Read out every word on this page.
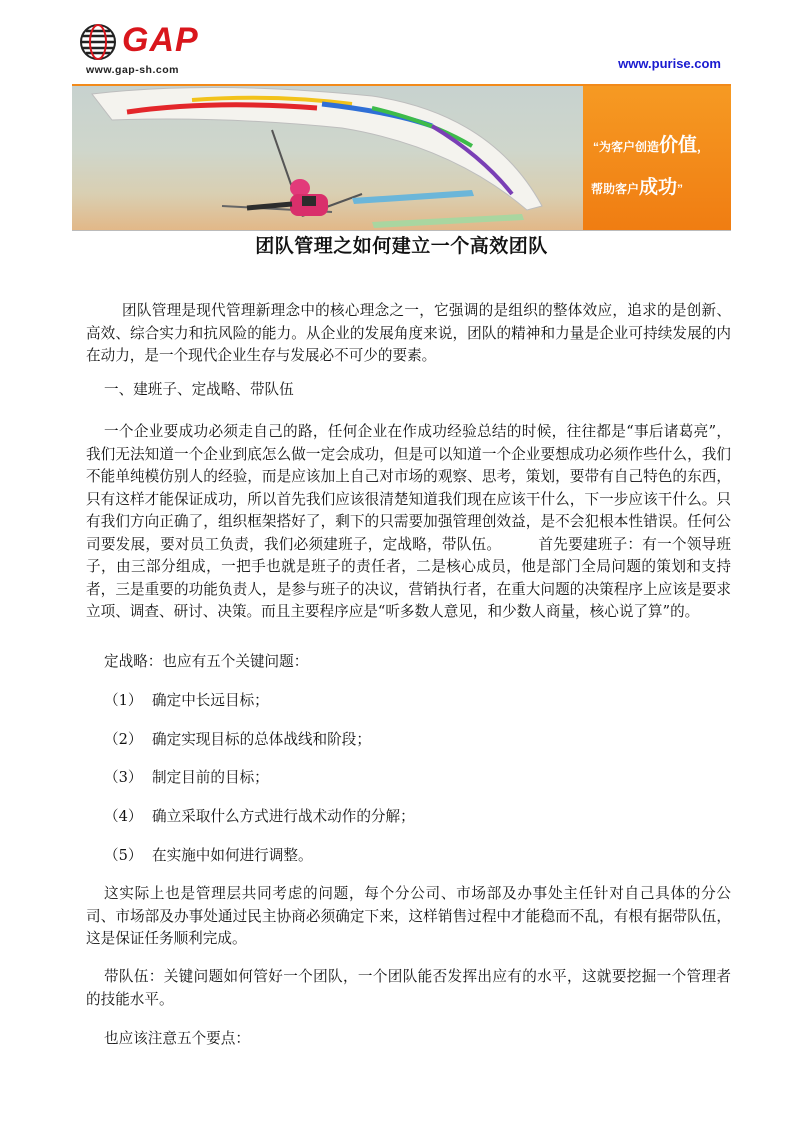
GAP
www.gap-sh.com	www.purise.com
“为客户创造价值，
帮助客户成功”
团队管理之如何建立一个高效团队

团队管理是现代管理新理念中的核心理念之一，它强调的是组织的整体效应，追求的是创新、高效、综合实力和抗风险的能力。从企业的发展角度来说，团队的精神和力量是企业可持续发展的内在动力，是一个现代企业生存与发展必不可少的要素。

一、建班子、定战略、带队伍

一个企业要成功必须走自己的路，任何企业在作成功经验总结的时候，往往都是“事后诸葛亮”，我们无法知道一个企业到底怎么做一定会成功，但是可以知道一个企业要想成功必须作些什么，我们不能单纯模仿别人的经验，而是应该加上自己对市场的观察、思考，策划，要带有自己特色的东西，只有这样才能保证成功，所以首先我们应该很清楚知道我们现在应该干什么，下一步应该干什么。只有我们方向正确了，组织框架搭好了，剩下的只需要加强管理创效益，是不会犯根本性错误。任何公司要发展，要对员工负责，我们必须建班子，定战略，带队伍。　　　首先要建班子：有一个领导班子，由三部分组成，一把手也就是班子的责任者，二是核心成员，他是部门全局问题的策划和支持者，三是重要的功能负责人，是参与班子的决议，营销执行者，在重大问题的决策程序上应该是要求立项、调查、研讨、决策。而且主要程序应是“听多数人意见，和少数人商量，核心说了算”的。

定战略：也应有五个关键问题：

（1） 确定中长远目标；
（2） 确定实现目标的总体战线和阶段；
（3） 制定目前的目标；
（4） 确立采取什么方式进行战术动作的分解；
（5） 在实施中如何进行调整。

这实际上也是管理层共同考虑的问题，每个分公司、市场部及办事处主任针对自己具体的分公司、市场部及办事处通过民主协商必须确定下来，这样销售过程中才能稳而不乱，有根有据带队伍，这是保证任务顺利完成。

带队伍：关键问题如何管好一个团队，一个团队能否发挥出应有的水平，这就要挖掘一个管理者的技能水平。

也应该注意五个要点：
